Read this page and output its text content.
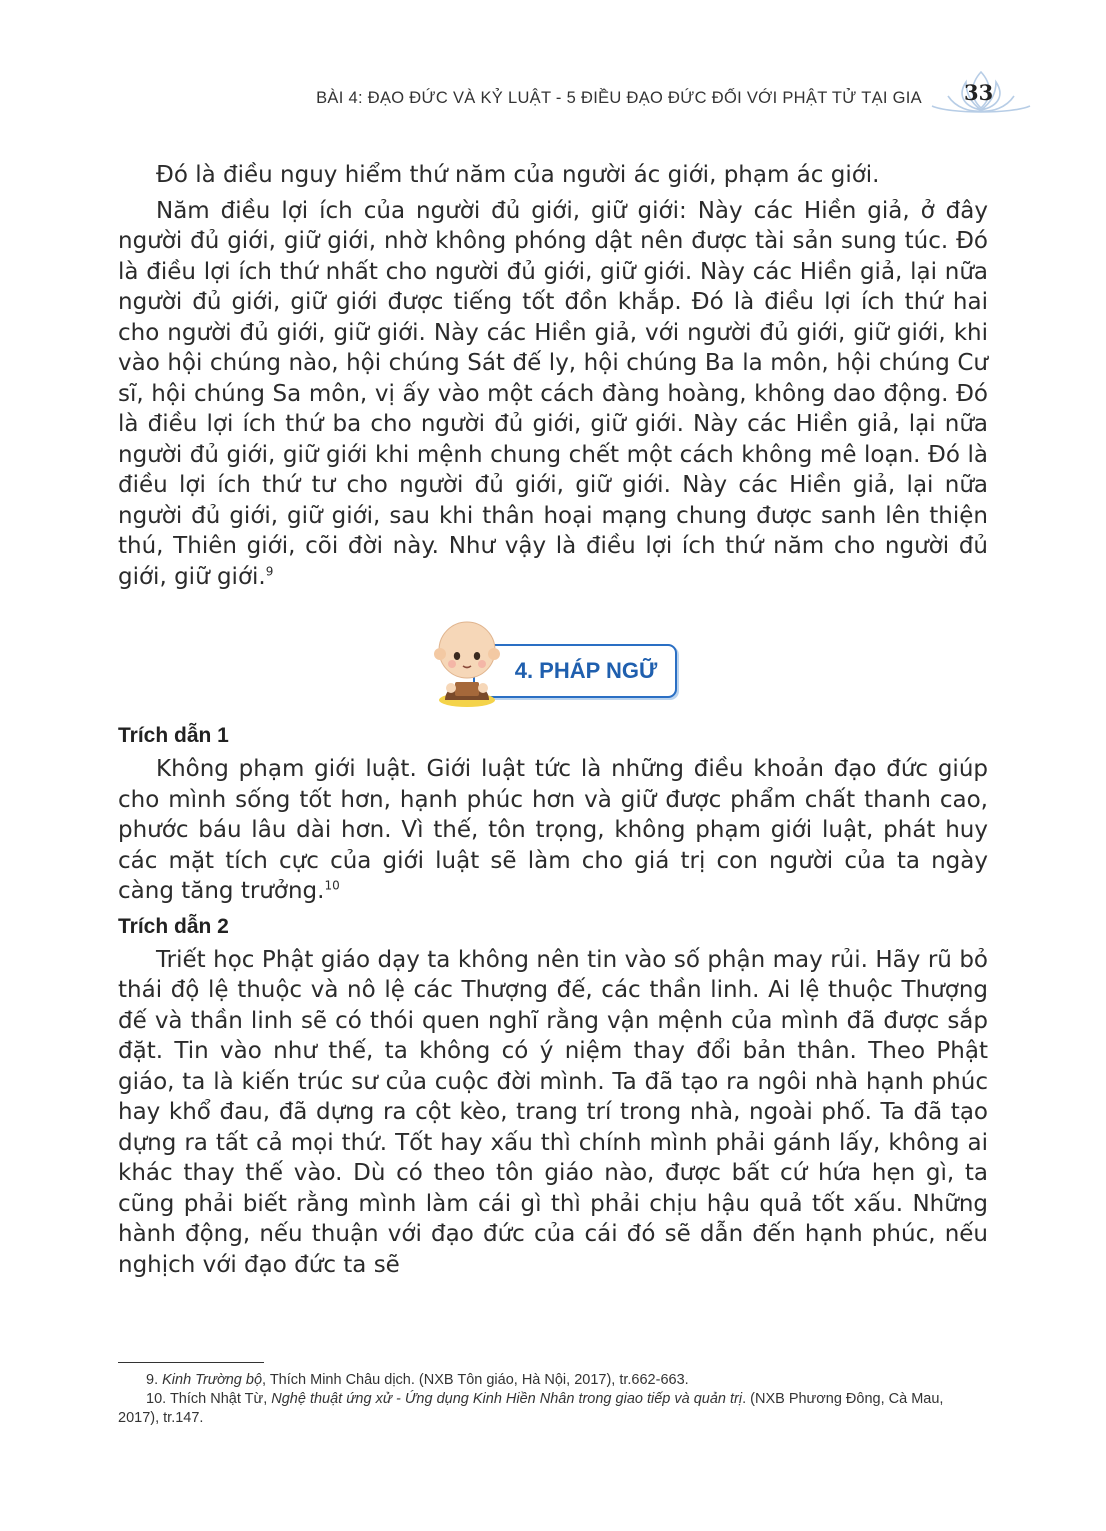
BÀI 4: ĐẠO ĐỨC VÀ KỶ LUẬT - 5 ĐIỀU ĐẠO ĐỨC ĐỐI VỚI PHẬT TỬ TẠI GIA 33

Đó là điều nguy hiểm thứ năm của người ác giới, phạm ác giới.

Năm điều lợi ích của người đủ giới, giữ giới: Này các Hiền giả, ở đây người đủ giới, giữ giới, nhờ không phóng dật nên được tài sản sung túc. Đó là điều lợi ích thứ nhất cho người đủ giới, giữ giới. Này các Hiền giả, lại nữa người đủ giới, giữ giới được tiếng tốt đồn khắp. Đó là điều lợi ích thứ hai cho người đủ giới, giữ giới. Này các Hiền giả, với người đủ giới, giữ giới, khi vào hội chúng nào, hội chúng Sát đế ly, hội chúng Ba la môn, hội chúng Cư sĩ, hội chúng Sa môn, vị ấy vào một cách đàng hoàng, không dao động. Đó là điều lợi ích thứ ba cho người đủ giới, giữ giới. Này các Hiền giả, lại nữa người đủ giới, giữ giới khi mệnh chung chết một cách không mê loạn. Đó là điều lợi ích thứ tư cho người đủ giới, giữ giới. Này các Hiền giả, lại nữa người đủ giới, giữ giới, sau khi thân hoại mạng chung được sanh lên thiện thú, Thiên giới, cõi đời này. Như vậy là điều lợi ích thứ năm cho người đủ giới, giữ giới.$^9$

4. PHÁP NGỮ
Trích dẫn 1

Không phạm giới luật. Giới luật tức là những điều khoản đạo đức giúp cho mình sống tốt hơn, hạnh phúc hơn và giữ được phẩm chất thanh cao, phước báu lâu dài hơn. Vì thế, tôn trọng, không phạm giới luật, phát huy các mặt tích cực của giới luật sẽ làm cho giá trị con người của ta ngày càng tăng trưởng.$^{10}$

Trích dẫn 2

Triết học Phật giáo dạy ta không nên tin vào số phận may rủi. Hãy rũ bỏ thái độ lệ thuộc và nô lệ các Thượng đế, các thần linh. Ai lệ thuộc Thượng đế và thần linh sẽ có thói quen nghĩ rằng vận mệnh của mình đã được sắp đặt. Tin vào như thế, ta không có ý niệm thay đổi bản thân. Theo Phật giáo, ta là kiến trúc sư của cuộc đời mình. Ta đã tạo ra ngôi nhà hạnh phúc hay khổ đau, đã dựng ra cột kèo, trang trí trong nhà, ngoài phố. Ta đã tạo dựng ra tất cả mọi thứ. Tốt hay xấu thì chính mình phải gánh lấy, không ai khác thay thế vào. Dù có theo tôn giáo nào, được bất cứ hứa hẹn gì, ta cũng phải biết rằng mình làm cái gì thì phải chịu hậu quả tốt xấu. Những hành động, nếu thuận với đạo đức của cái đó sẽ dẫn đến hạnh phúc, nếu nghịch với đạo đức ta sẽ

9. Kinh Trường bộ, Thích Minh Châu dịch. (NXB Tôn giáo, Hà Nội, 2017), tr.662-663.

10. Thích Nhật Từ, Nghệ thuật ứng xử - Ứng dụng Kinh Hiền Nhân trong giao tiếp và quản trị. (NXB Phương Đông, Cà Mau, 2017), tr.147.
